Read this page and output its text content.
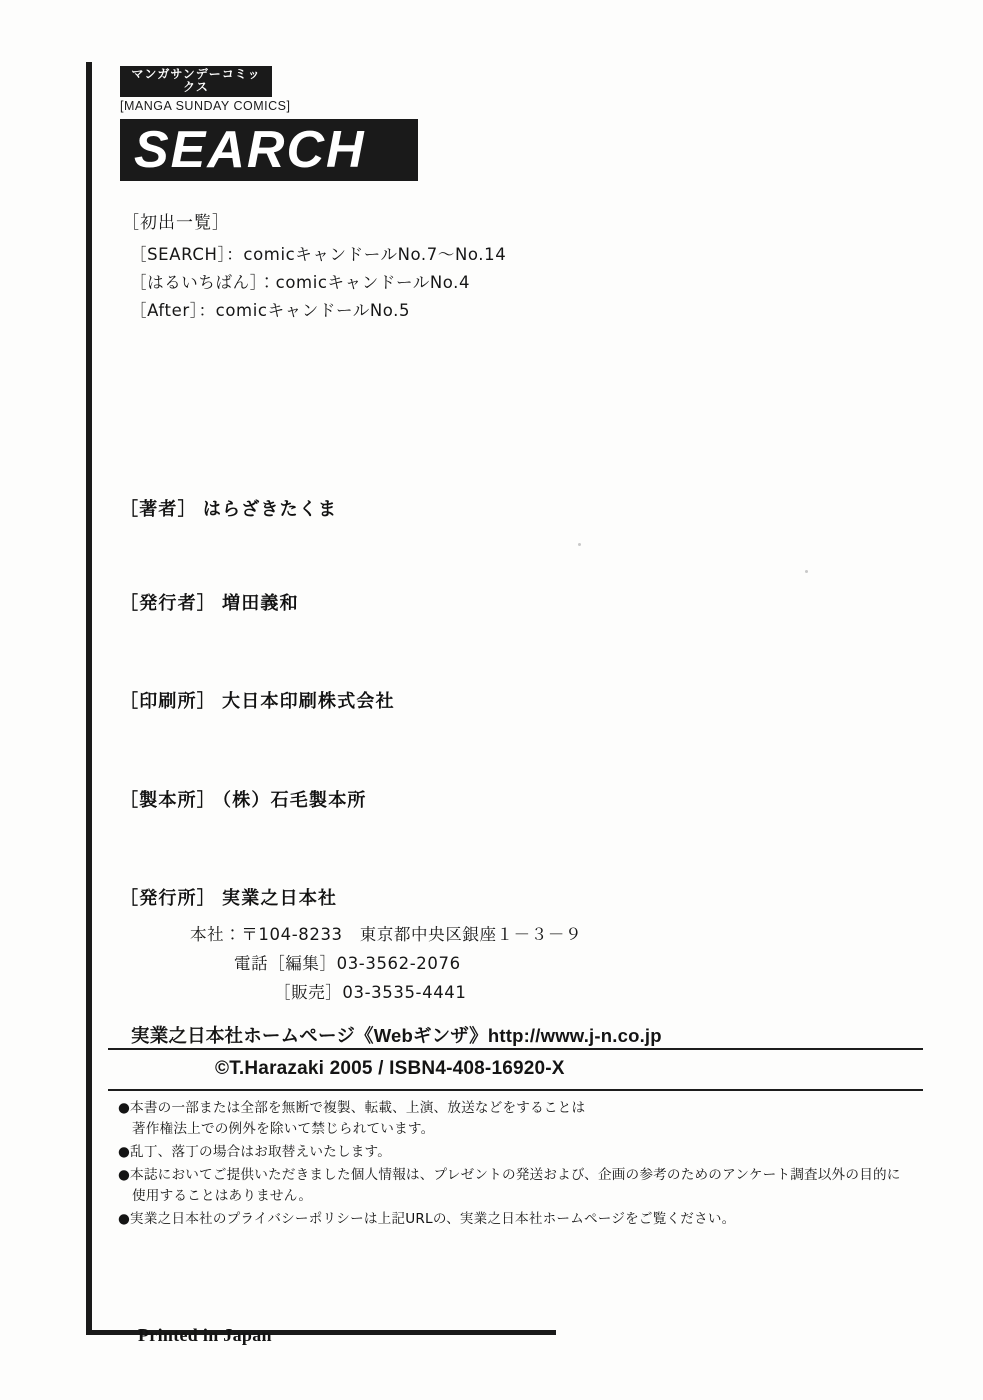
マンガサンデーコミックス
[MANGA SUNDAY COMICS]
SEARCH
［初出一覧］
［SEARCH］：comicキャンドールNo.7〜No.14
［はるいちばん］：comicキャンドールNo.4
［After］：comicキャンドールNo.5
［著者］ はらざきたくま
［発行者］ 増田義和
［印刷所］ 大日本印刷株式会社
［製本所］ （株）石毛製本所
［発行所］ 実業之日本社
本社：〒104‐8233　東京都中央区銀座１－３－９
電話［編集］03‐3562‐2076
［販売］03‐3535‐4441
実業之日本社ホームページ《Webギンザ》http://www.j-n.co.jp
©T.Harazaki 2005 / ISBN4-408-16920-X
●本書の一部または全部を無断で複製、転載、上演、放送などをすることは
著作権法上での例外を除いて禁じられています。
●乱丁、落丁の場合はお取替えいたします。
●本誌においてご提供いただきました個人情報は、プレゼントの発送および、企画の参考のためのアンケート調査以外の目的に
使用することはありません。
●実業之日本社のプライバシーポリシーは上記URLの、実業之日本社ホームページをご覧ください。
Printed in Japan
